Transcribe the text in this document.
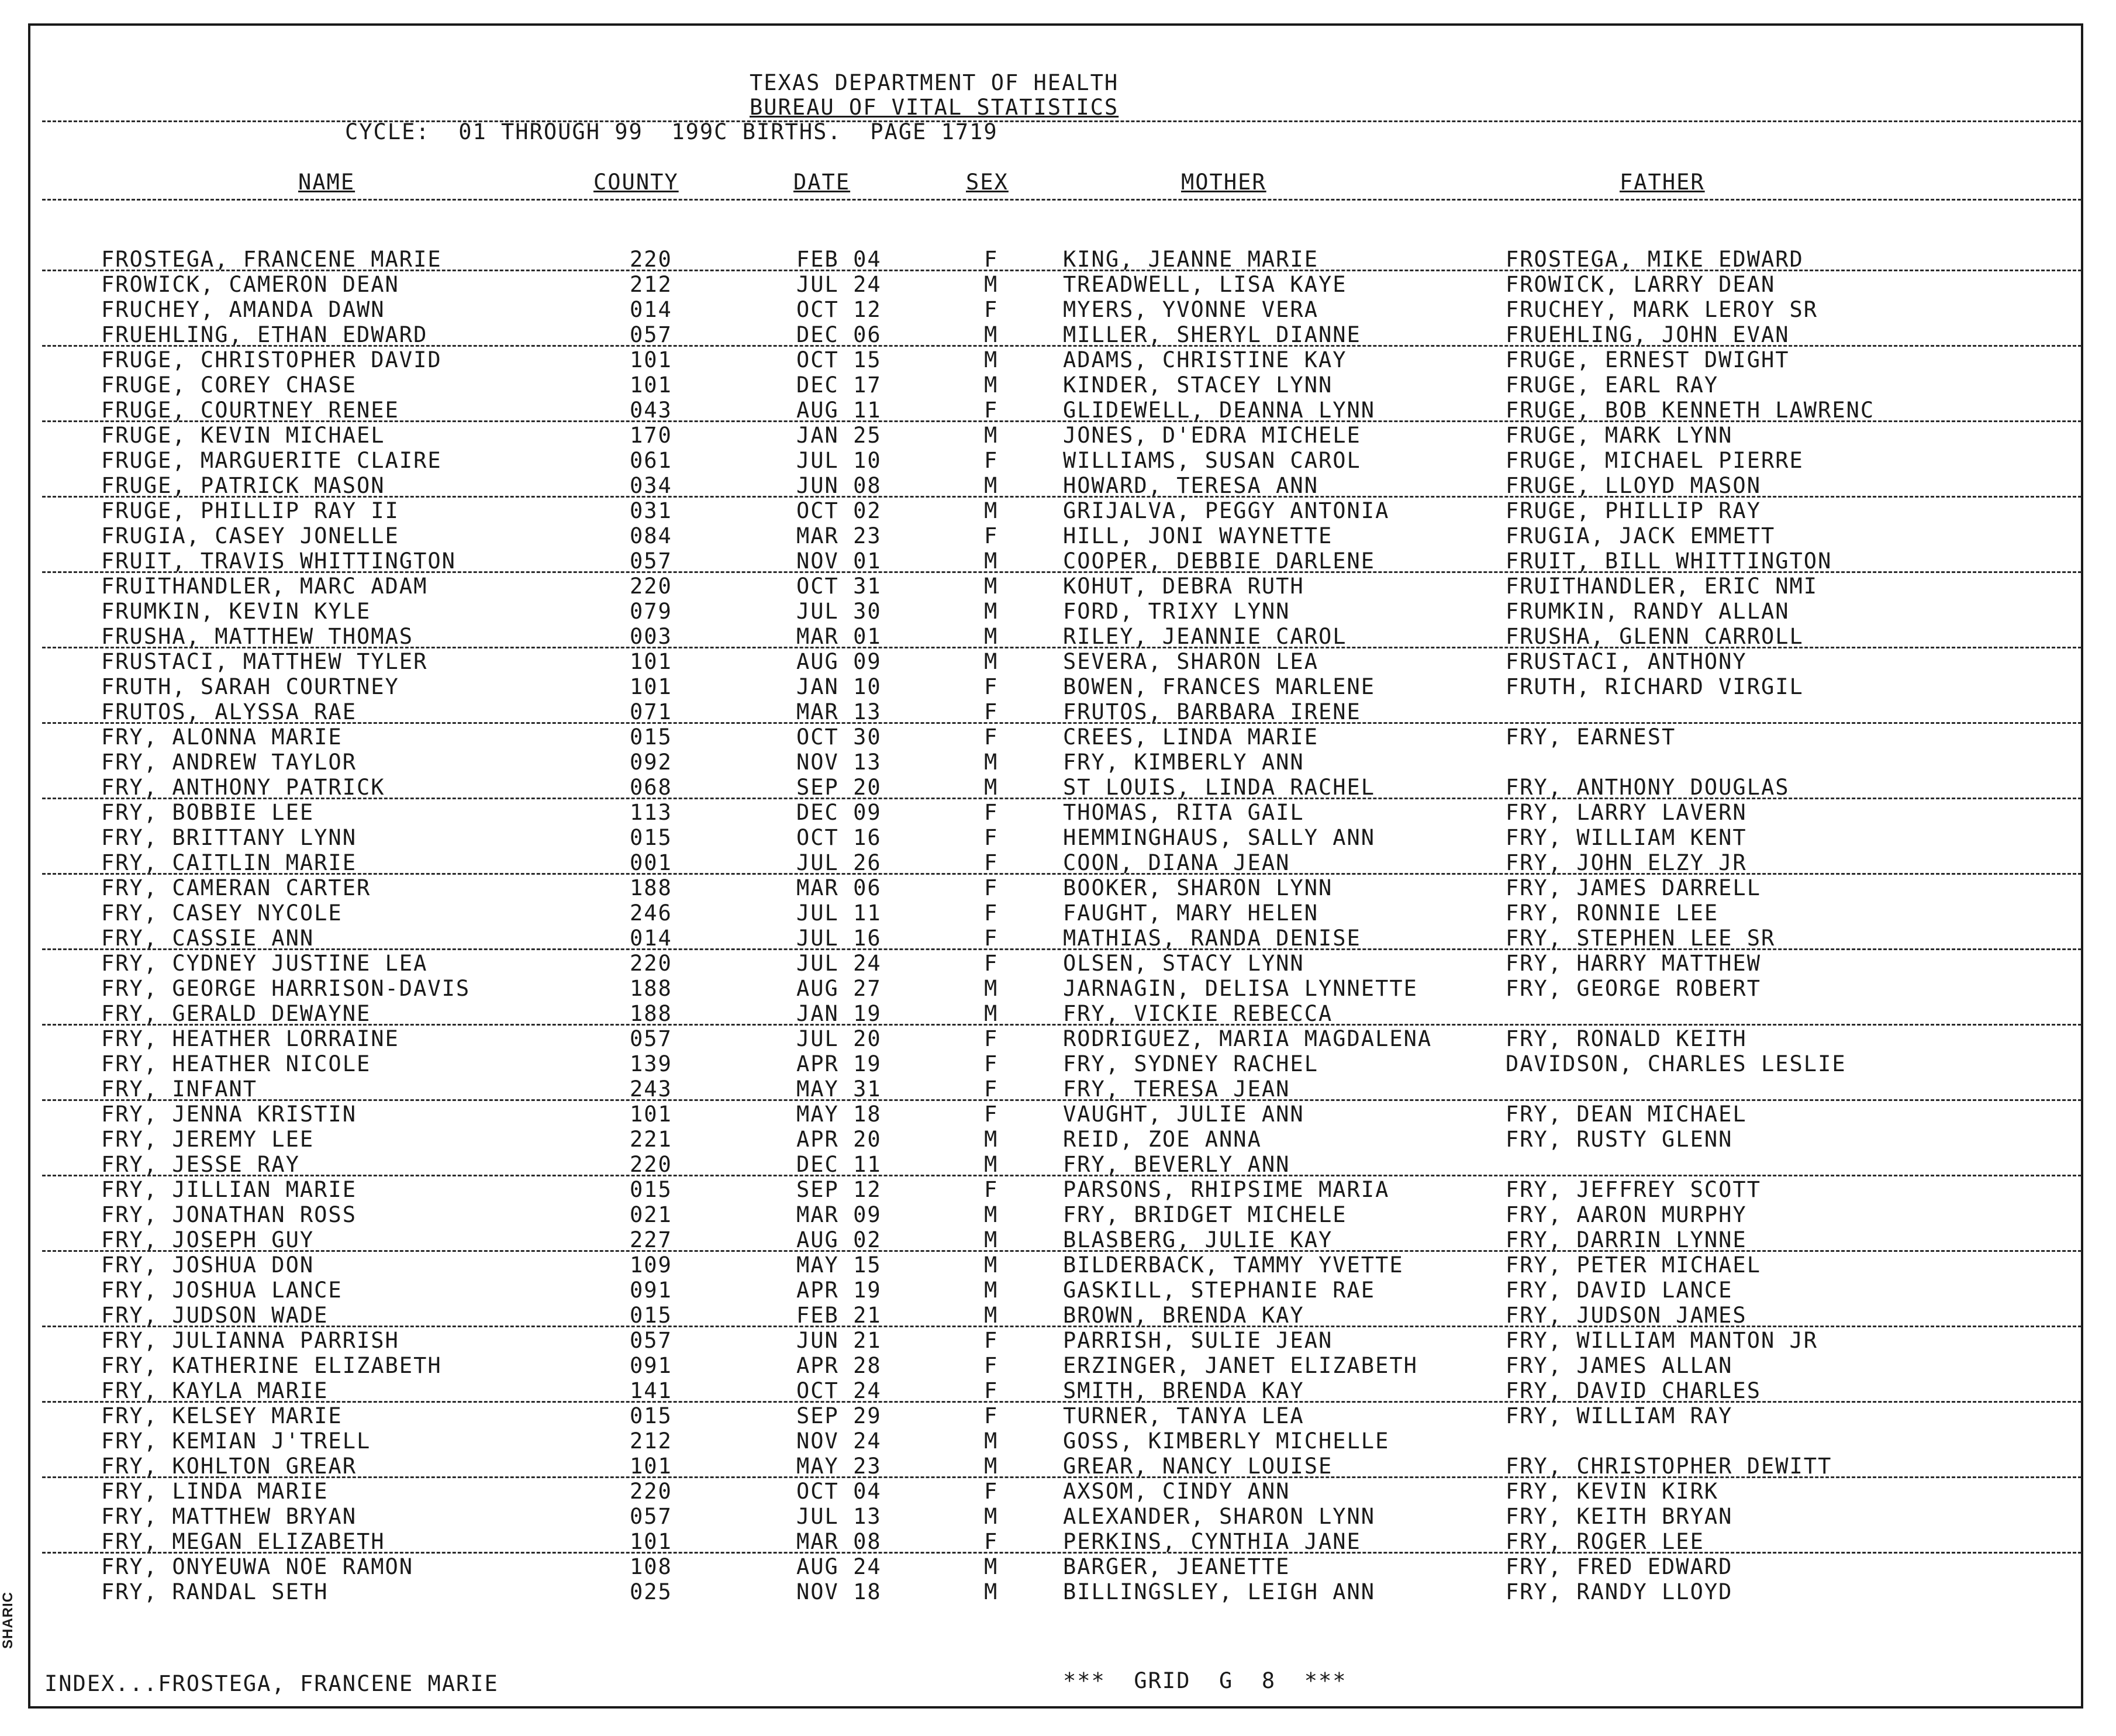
TEXAS DEPARTMENT OF HEALTH
BUREAU OF VITAL STATISTICS
CYCLE:  01 THROUGH 99  199C BIRTHS.  PAGE 1719
NAME	COUNTY	DATE	SEX	MOTHER	FATHER
FROSTEGA, FRANCENE MARIE	220	FEB 04	F	KING, JEANNE MARIE	FROSTEGA, MIKE EDWARD
FROWICK, CAMERON DEAN	212	JUL 24	M	TREADWELL, LISA KAYE	FROWICK, LARRY DEAN
FRUCHEY, AMANDA DAWN	014	OCT 12	F	MYERS, YVONNE VERA	FRUCHEY, MARK LEROY SR
FRUEHLING, ETHAN EDWARD	057	DEC 06	M	MILLER, SHERYL DIANNE	FRUEHLING, JOHN EVAN
FRUGE, CHRISTOPHER DAVID	101	OCT 15	M	ADAMS, CHRISTINE KAY	FRUGE, ERNEST DWIGHT
FRUGE, COREY CHASE	101	DEC 17	M	KINDER, STACEY LYNN	FRUGE, EARL RAY
FRUGE, COURTNEY RENEE	043	AUG 11	F	GLIDEWELL, DEANNA LYNN	FRUGE, BOB KENNETH LAWRENC
FRUGE, KEVIN MICHAEL	170	JAN 25	M	JONES, D'EDRA MICHELE	FRUGE, MARK LYNN
FRUGE, MARGUERITE CLAIRE	061	JUL 10	F	WILLIAMS, SUSAN CAROL	FRUGE, MICHAEL PIERRE
FRUGE, PATRICK MASON	034	JUN 08	M	HOWARD, TERESA ANN	FRUGE, LLOYD MASON
FRUGE, PHILLIP RAY II	031	OCT 02	M	GRIJALVA, PEGGY ANTONIA	FRUGE, PHILLIP RAY
FRUGIA, CASEY JONELLE	084	MAR 23	F	HILL, JONI WAYNETTE	FRUGIA, JACK EMMETT
FRUIT, TRAVIS WHITTINGTON	057	NOV 01	M	COOPER, DEBBIE DARLENE	FRUIT, BILL WHITTINGTON
FRUITHANDLER, MARC ADAM	220	OCT 31	M	KOHUT, DEBRA RUTH	FRUITHANDLER, ERIC NMI
FRUMKIN, KEVIN KYLE	079	JUL 30	M	FORD, TRIXY LYNN	FRUMKIN, RANDY ALLAN
FRUSHA, MATTHEW THOMAS	003	MAR 01	M	RILEY, JEANNIE CAROL	FRUSHA, GLENN CARROLL
FRUSTACI, MATTHEW TYLER	101	AUG 09	M	SEVERA, SHARON LEA	FRUSTACI, ANTHONY
FRUTH, SARAH COURTNEY	101	JAN 10	F	BOWEN, FRANCES MARLENE	FRUTH, RICHARD VIRGIL
FRUTOS, ALYSSA RAE	071	MAR 13	F	FRUTOS, BARBARA IRENE
FRY, ALONNA MARIE	015	OCT 30	F	CREES, LINDA MARIE	FRY, EARNEST
FRY, ANDREW TAYLOR	092	NOV 13	M	FRY, KIMBERLY ANN
FRY, ANTHONY PATRICK	068	SEP 20	M	ST LOUIS, LINDA RACHEL	FRY, ANTHONY DOUGLAS
FRY, BOBBIE LEE	113	DEC 09	F	THOMAS, RITA GAIL	FRY, LARRY LAVERN
FRY, BRITTANY LYNN	015	OCT 16	F	HEMMINGHAUS, SALLY ANN	FRY, WILLIAM KENT
FRY, CAITLIN MARIE	001	JUL 26	F	COON, DIANA JEAN	FRY, JOHN ELZY JR
FRY, CAMERAN CARTER	188	MAR 06	F	BOOKER, SHARON LYNN	FRY, JAMES DARRELL
FRY, CASEY NYCOLE	246	JUL 11	F	FAUGHT, MARY HELEN	FRY, RONNIE LEE
FRY, CASSIE ANN	014	JUL 16	F	MATHIAS, RANDA DENISE	FRY, STEPHEN LEE SR
FRY, CYDNEY JUSTINE LEA	220	JUL 24	F	OLSEN, STACY LYNN	FRY, HARRY MATTHEW
FRY, GEORGE HARRISON-DAVIS	188	AUG 27	M	JARNAGIN, DELISA LYNNETTE	FRY, GEORGE ROBERT
FRY, GERALD DEWAYNE	188	JAN 19	M	FRY, VICKIE REBECCA
FRY, HEATHER LORRAINE	057	JUL 20	F	RODRIGUEZ, MARIA MAGDALENA	FRY, RONALD KEITH
FRY, HEATHER NICOLE	139	APR 19	F	FRY, SYDNEY RACHEL	DAVIDSON, CHARLES LESLIE
FRY, INFANT	243	MAY 31	F	FRY, TERESA JEAN
FRY, JENNA KRISTIN	101	MAY 18	F	VAUGHT, JULIE ANN	FRY, DEAN MICHAEL
FRY, JEREMY LEE	221	APR 20	M	REID, ZOE ANNA	FRY, RUSTY GLENN
FRY, JESSE RAY	220	DEC 11	M	FRY, BEVERLY ANN
FRY, JILLIAN MARIE	015	SEP 12	F	PARSONS, RHIPSIME MARIA	FRY, JEFFREY SCOTT
FRY, JONATHAN ROSS	021	MAR 09	M	FRY, BRIDGET MICHELE	FRY, AARON MURPHY
FRY, JOSEPH GUY	227	AUG 02	M	BLASBERG, JULIE KAY	FRY, DARRIN LYNNE
FRY, JOSHUA DON	109	MAY 15	M	BILDERBACK, TAMMY YVETTE	FRY, PETER MICHAEL
FRY, JOSHUA LANCE	091	APR 19	M	GASKILL, STEPHANIE RAE	FRY, DAVID LANCE
FRY, JUDSON WADE	015	FEB 21	M	BROWN, BRENDA KAY	FRY, JUDSON JAMES
FRY, JULIANNA PARRISH	057	JUN 21	F	PARRISH, SULIE JEAN	FRY, WILLIAM MANTON JR
FRY, KATHERINE ELIZABETH	091	APR 28	F	ERZINGER, JANET ELIZABETH	FRY, JAMES ALLAN
FRY, KAYLA MARIE	141	OCT 24	F	SMITH, BRENDA KAY	FRY, DAVID CHARLES
FRY, KELSEY MARIE	015	SEP 29	F	TURNER, TANYA LEA	FRY, WILLIAM RAY
FRY, KEMIAN J'TRELL	212	NOV 24	M	GOSS, KIMBERLY MICHELLE
FRY, KOHLTON GREAR	101	MAY 23	M	GREAR, NANCY LOUISE	FRY, CHRISTOPHER DEWITT
FRY, LINDA MARIE	220	OCT 04	F	AXSOM, CINDY ANN	FRY, KEVIN KIRK
FRY, MATTHEW BRYAN	057	JUL 13	M	ALEXANDER, SHARON LYNN	FRY, KEITH BRYAN
FRY, MEGAN ELIZABETH	101	MAR 08	F	PERKINS, CYNTHIA JANE	FRY, ROGER LEE
FRY, ONYEUWA NOE RAMON	108	AUG 24	M	BARGER, JEANETTE	FRY, FRED EDWARD
FRY, RANDAL SETH	025	NOV 18	M	BILLINGSLEY, LEIGH ANN	FRY, RANDY LLOYD
INDEX...FROSTEGA, FRANCENE MARIE	***  GRID  G  8  ***
SHARIC
